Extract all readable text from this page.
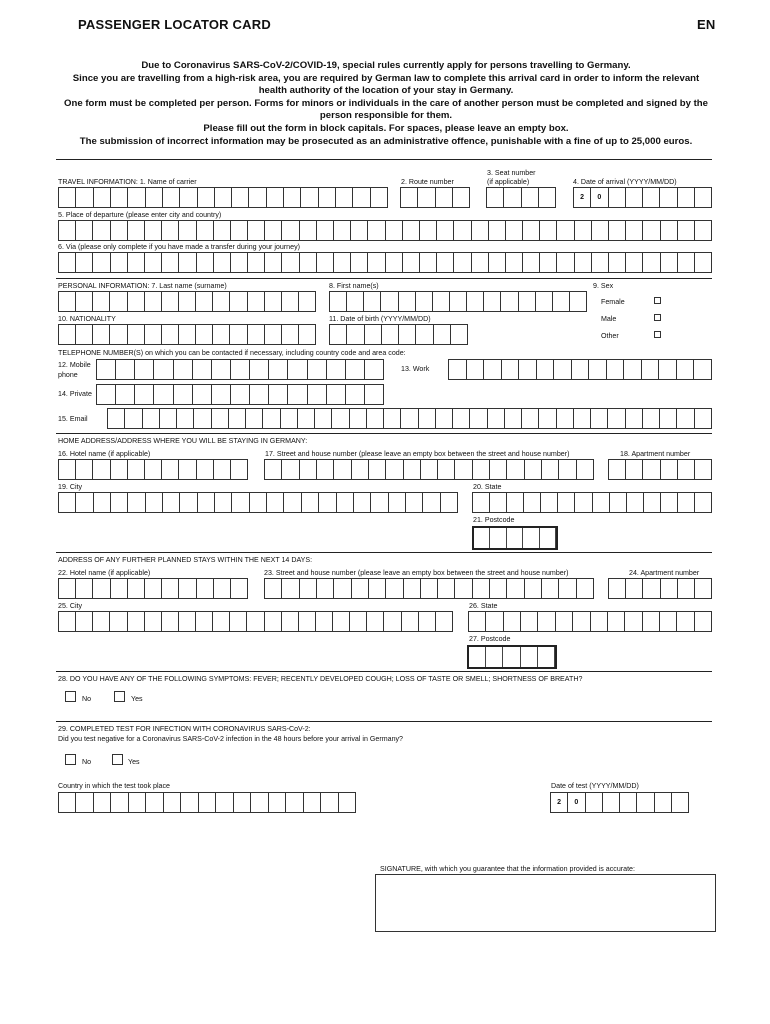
PASSENGER LOCATOR CARD	EN
Due to Coronavirus SARS-CoV-2/COVID-19, special rules currently apply for persons travelling to Germany.
Since you are travelling from a high-risk area, you are required by German law to complete this arrival card in order to inform the relevant
health authority of the location of your stay in Germany.
One form must be completed per person. Forms for minors or individuals in the care of another person must be completed and signed by the
person responsible for them.
Please fill out the form in block capitals. For spaces, please leave an empty box.
The submission of incorrect information may be prosecuted as an administrative offence, punishable with a fine of up to 25,000 euros.
TRAVEL INFORMATION: 1. Name of carrier	2. Route number
3. Seat number
(if applicable)	4. Date of arrival (YYYY/MM/DD)
2	0
5. Place of departure (please enter city and country)
6. Via (please only complete if you have made a transfer during your journey)
PERSONAL INFORMATION: 7. Last name (surname)	8. First name(s)	9. Sex
Female
Male
Other
10. NATIONALITY	11. Date of birth (YYYY/MM/DD)
TELEPHONE NUMBER(S) on which you can be contacted if necessary, including country code and area code:
12. Mobile
phone
13. Work
14. Private
15. Email
HOME ADDRESS/ADDRESS WHERE YOU WILL BE STAYING IN GERMANY:
16. Hotel name (if applicable)	17. Street and house number (please leave an empty box between the street and house number)	18. Apartment number
19. City	20. State
21. Postcode
ADDRESS OF ANY FURTHER PLANNED STAYS WITHIN THE NEXT 14 DAYS:
22. Hotel name (if applicable)	23. Street and house number (please leave an empty box between the street and house number)	24. Apartment number
25. City	26. State
27. Postcode
28. DO YOU HAVE ANY OF THE FOLLOWING SYMPTOMS: FEVER; RECENTLY DEVELOPED COUGH; LOSS OF TASTE OR SMELL; SHORTNESS OF BREATH?
No	Yes
29. COMPLETED TEST FOR INFECTION WITH CORONAVIRUS SARS-CoV-2:
Did you test negative for a Coronavirus SARS-CoV-2 infection in the 48 hours before your arrival in Germany?
No	Yes
Country in which the test took place	Date of test (YYYY/MM/DD)
2	0
SIGNATURE, with which you guarantee that the information provided is accurate:
